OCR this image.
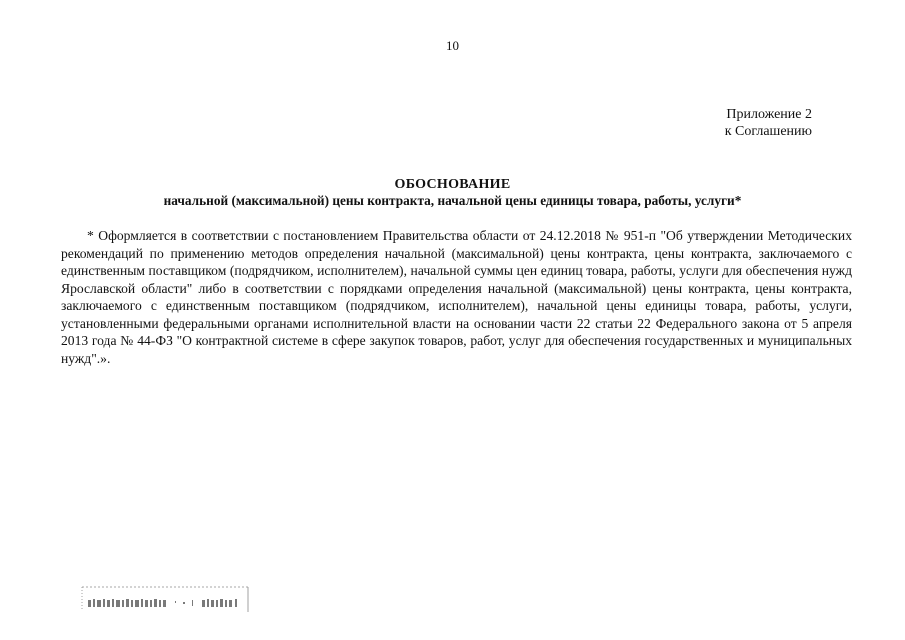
10
Приложение 2
к Соглашению
ОБОСНОВАНИЕ
начальной (максимальной) цены контракта, начальной цены единицы товара, работы, услуги*

* Оформляется в соответствии с постановлением Правительства области от 24.12.2018 № 951-п "Об утверждении Методических рекомендаций по применению методов определения начальной (максимальной) цены контракта, цены контракта, заключаемого с единственным поставщиком (подрядчиком, исполнителем), начальной суммы цен единиц товара, работы, услуги для обеспечения нужд Ярославской области" либо в соответствии с порядками определения начальной (максимальной) цены контракта, цены контракта, заключаемого с единственным поставщиком (подрядчиком, исполнителем), начальной цены единицы товара, работы, услуги, установленными федеральными органами исполнительной власти на основании части 22 статьи 22 Федерального закона от 5 апреля 2013 года № 44-ФЗ "О контрактной системе в сфере закупок товаров, работ, услуг для обеспечения государственных и муниципальных нужд".».
